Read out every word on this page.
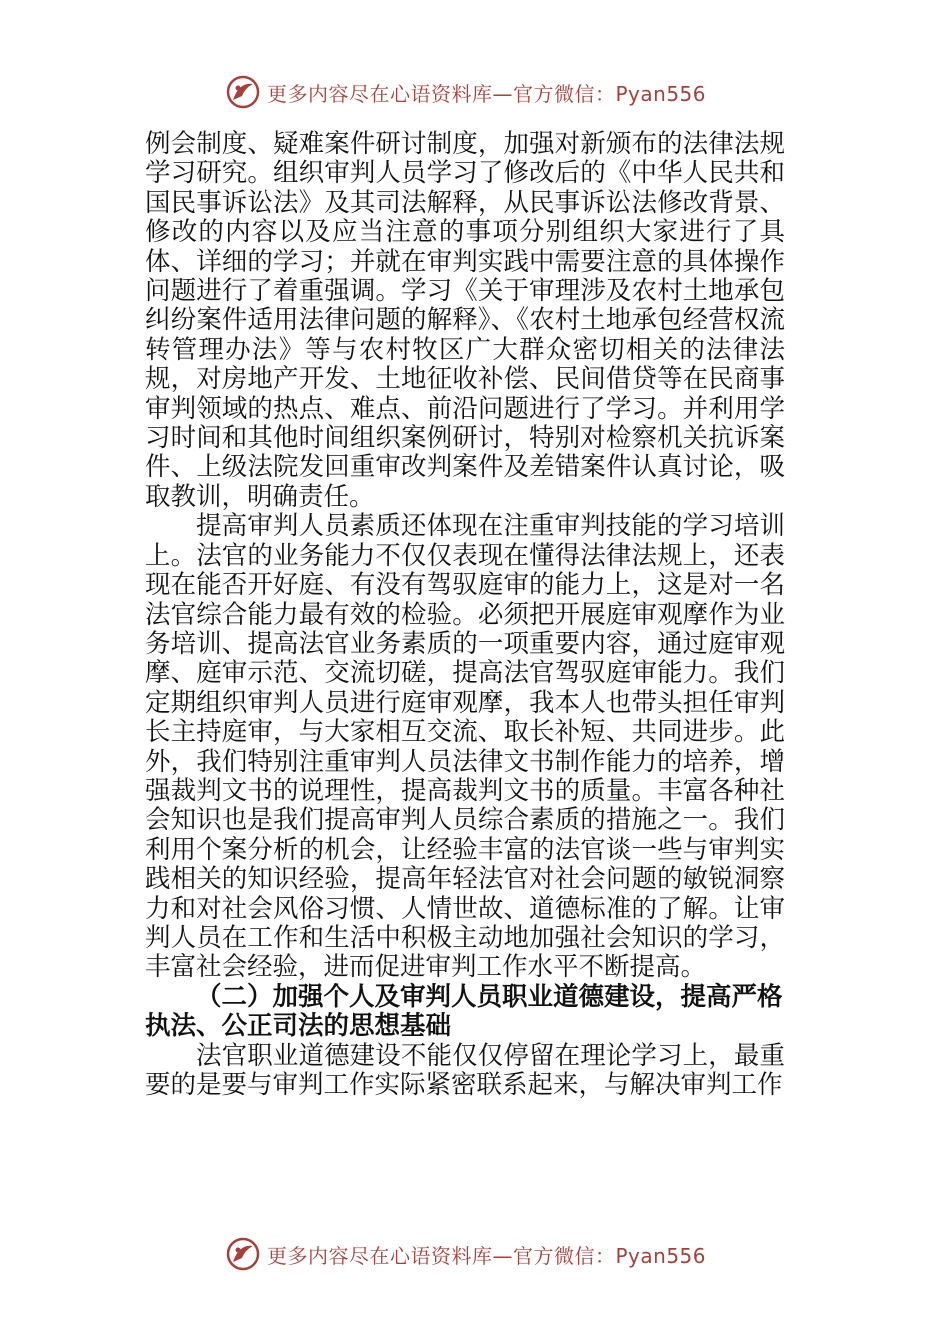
更多内容尽在心语资料库—官方微信：Pyan556

例会制度、疑难案件研讨制度，加强对新颁布的法律法规学习研究。组织审判人员学习了修改后的《中华人民共和国民事诉讼法》及其司法解释，从民事诉讼法修改背景、修改的内容以及应当注意的事项分别组织大家进行了具体、详细的学习；并就在审判实践中需要注意的具体操作问题进行了着重强调。学习《关于审理涉及农村土地承包纠纷案件适用法律问题的解释》、《农村土地承包经营权流转管理办法》等与农村牧区广大群众密切相关的法律法规，对房地产开发、土地征收补偿、民间借贷等在民商事审判领域的热点、难点、前沿问题进行了学习。并利用学习时间和其他时间组织案例研讨，特别对检察机关抗诉案件、上级法院发回重审改判案件及差错案件认真讨论，吸取教训，明确责任。

提高审判人员素质还体现在注重审判技能的学习培训上。法官的业务能力不仅仅表现在懂得法律法规上，还表现在能否开好庭、有没有驾驭庭审的能力上，这是对一名法官综合能力最有效的检验。必须把开展庭审观摩作为业务培训、提高法官业务素质的一项重要内容，通过庭审观摩、庭审示范、交流切磋，提高法官驾驭庭审能力。我们定期组织审判人员进行庭审观摩，我本人也带头担任审判长主持庭审，与大家相互交流、取长补短、共同进步。此外，我们特别注重审判人员法律文书制作能力的培养，增强裁判文书的说理性，提高裁判文书的质量。丰富各种社会知识也是我们提高审判人员综合素质的措施之一。我们利用个案分析的机会，让经验丰富的法官谈一些与审判实践相关的知识经验，提高年轻法官对社会问题的敏锐洞察力和对社会风俗习惯、人情世故、道德标准的了解。让审判人员在工作和生活中积极主动地加强社会知识的学习，丰富社会经验，进而促进审判工作水平不断提高。

（二）加强个人及审判人员职业道德建设，提高严格执法、公正司法的思想基础

法官职业道德建设不能仅仅停留在理论学习上，最重要的是要与审判工作实际紧密联系起来，与解决审判工作

更多内容尽在心语资料库—官方微信：Pyan556
